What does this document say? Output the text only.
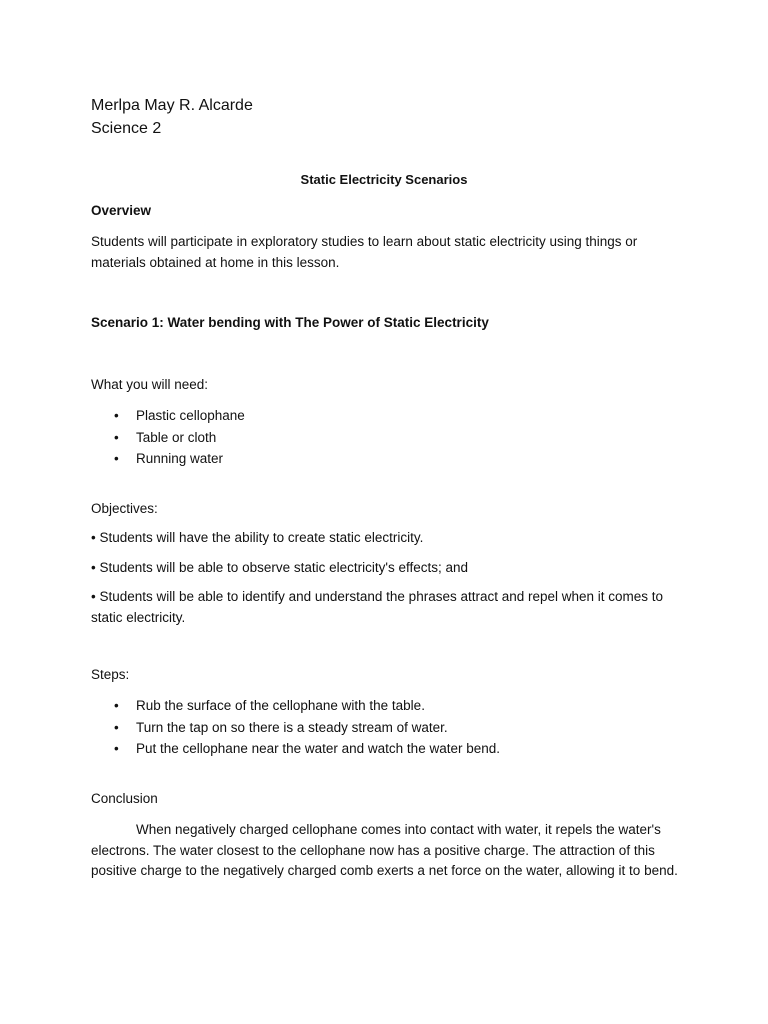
Merlpa May R. Alcarde

Science 2

Static Electricity Scenarios

Overview

Students will participate in exploratory studies to learn about static electricity using things or materials obtained at home in this lesson.

Scenario 1: Water bending with The Power of Static Electricity

What you will need:

• Plastic cellophane
• Table or cloth
• Running water

Objectives:

• Students will have the ability to create static electricity.

• Students will be able to observe static electricity's effects; and

• Students will be able to identify and understand the phrases attract and repel when it comes to static electricity.

Steps:

• Rub the surface of the cellophane with the table.
• Turn the tap on so there is a steady stream of water.
• Put the cellophane near the water and watch the water bend.

Conclusion

When negatively charged cellophane comes into contact with water, it repels the water's electrons. The water closest to the cellophane now has a positive charge. The attraction of this positive charge to the negatively charged comb exerts a net force on the water, allowing it to bend.
